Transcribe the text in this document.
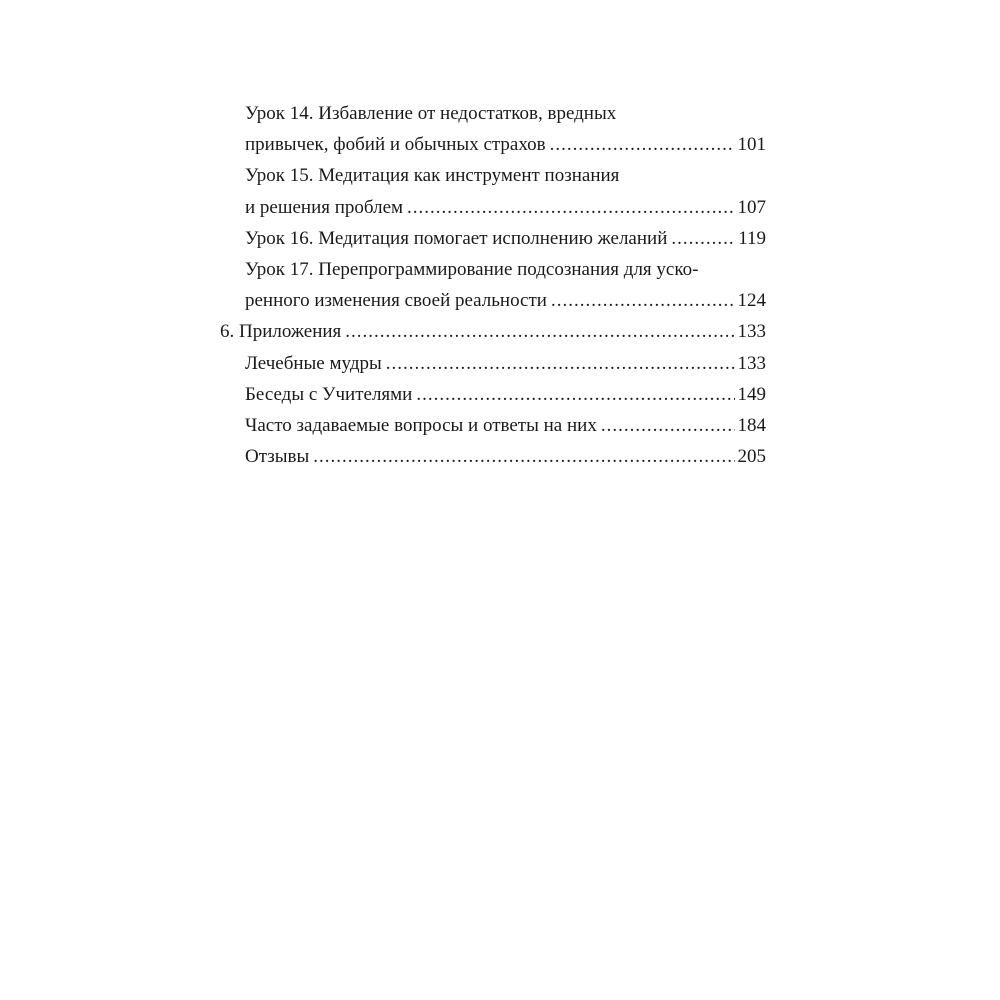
Урок 14. Избавление от недостатков, вредных
привычек, фобий и обычных страхов .....	101
Урок 15. Медитация как инструмент познания
и решения проблем .....	107
Урок 16. Медитация помогает исполнению желаний .....	119
Урок 17. Перепрограммирование подсознания для уско-
ренного изменения своей реальности .....	124
6. Приложения .....	133
Лечебные мудры .....	133
Беседы с Учителями .....	149
Часто задаваемые вопросы и ответы на них .....	184
Отзывы .....	205
